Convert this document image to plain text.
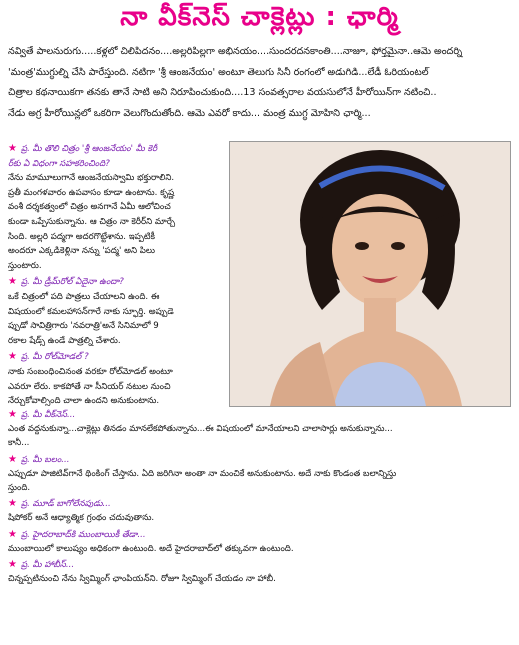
నా వీక్‌నెస్ చాక్లెట్లు : ఛార్మి
నవ్వితే పాలనురుగు.....కళ్లలో చిలిపిదనం....అల్లరిపిల్లగా అభినయం....సుందరదనకాంతి....నాజూ, ఫోర్తమైనా..ఆమె అందర్ని
'మంత్ర'ముగ్ధుల్ని చేసి పారేస్తుంది. నటిగా 'శ్రీ ఆంజనేయం' అంటూ తెలుగు సినీ రంగంలో అడుగిడి...లేడీ ఓరియంటల్
చిత్రాల కథనాయికగా తనకు తానే సాటి అని నిరూపించుకుంది....13 సంవత్సరాల వయసులోనే హీరోయిన్‌గా నటించి..
నేడు అగ్ర హీరోయిన్లలో ఒకరిగా వెలుగొందుతోంది. ఆమె ఎవరో కాదు... మంత్ర ముగ్ధ మోహిని ఛార్మి...
★ ప్ర. మీ తొలి చిత్రం 'శ్రీ ఆంజనేయం' మీ కెరీ
ర్‌కు ఏ విధంగా సహకరించింది?
నేను మామూలుగానే ఆంజనేయస్వామి భక్తురాలిని.
ప్రతీ మంగళవారం ఉపవాసం కూడా ఉంటాను. కృష్ణ
వంశీ దర్శకత్వంలో చిత్రం అనగానే ఏమీ ఆలోచించ
కుండా ఒప్పేసుకున్నాను. ఆ చిత్రం నా కెరీర్‌ని మార్చే
సింది. అల్లరి పద్మగా అదరగొట్టేశాను. ఇప్పటికీ
అందరూ ఎక్కడికెళ్లినా నన్ను 'పద్మ' అని పిలు
స్తుంటారు.
★ ప్ర. మీ డ్రీమ్‌రోల్ ఏదైనా ఉందా?
ఒకే చిత్రంలో పది పాత్రలు చేయాలని ఉంది. ఈ
విషయంలో కమలహాసన్‌గారే నాకు స్ఫూర్తి. అప్పుడె
ప్పుడో సావిత్రిగారు 'నవరాత్రి'అనే సినిమాలో 9
రకాల షేడ్స్ ఉండే పాత్రల్ని చేశారు.
★ ప్ర. మీ రోల్‌మోడల్ ?
నాకు సంబంధించినంత వరకూ రోల్‌మోడల్ అంటూ
ఎవరూ లేరు. కాకపోతే నా సీనియర్ నటుల నుంచి
నేర్చుకోవాల్సింది చాలా ఉందని అనుకుంటాను.
★ ప్ర. మీ వీక్‌నెస్...
ఎంత వద్దనుకున్నా...చాక్లెట్లు తినడం మానలేకపోతున్నాను...ఈ విషయంలో మానేయాలని చాలాసార్లు అనుకున్నాను...
కానీ...
★ ప్ర. మీ బలం...
ఎప్పుడూ పాజిటివ్‌గానే థింకింగ్ చేస్తాను. ఏది జరిగినా అంతా నా మంచికే అనుకుంటాను. అదే నాకు కొండంత బలాన్నిస్తు
స్తుంది.
★ ప్ర. మూడ్ బాగోలేనపుడు...
షిపోకర్ అనే ఆధ్యాత్మిక గ్రంథం చదువుతాను.
★ ప్ర. హైదరాబాద్‌కి ముంబాయికీ తేడా...
ముంబాయిలో కాలుష్యం అధికంగా ఉంటుంది. అదే హైదరాబాద్‌లో తక్కువగా ఉంటుంది.
★ ప్ర. మీ హాబీస్...
చిన్నప్పటినుంచి నేను స్విమ్మింగ్ ఛాంపియన్‌ని. రోజూ స్విమ్మింగ్ చేయడం నా హాబీ.
